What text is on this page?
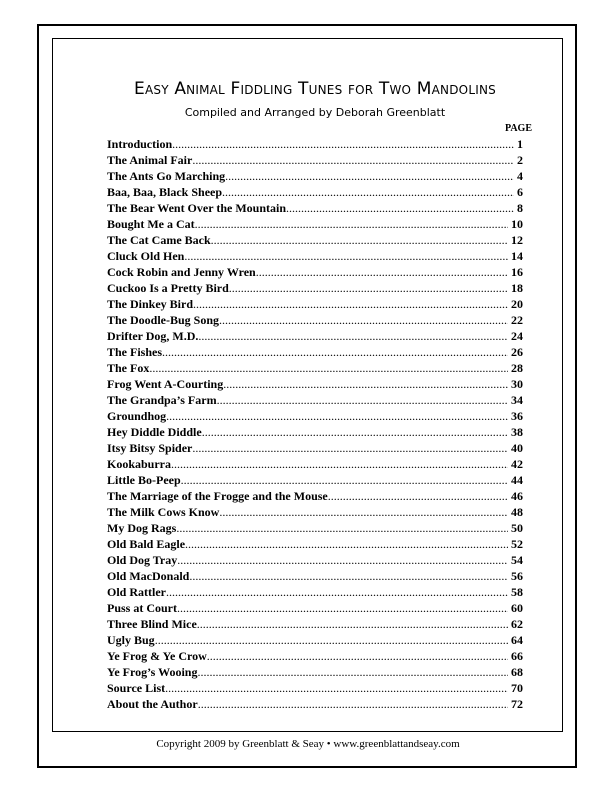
Easy Animal Fiddling Tunes for Two Mandolins
Compiled and Arranged by Deborah Greenblatt
PAGE
Introduction .....	1
The Animal Fair .....	2
The Ants Go Marching .....	4
Baa, Baa, Black Sheep .....	6
The Bear Went Over the Mountain .....	8
Bought Me a Cat .....	10
The Cat Came Back .....	12
Cluck Old Hen .....	14
Cock Robin and Jenny Wren .....	16
Cuckoo Is a Pretty Bird .....	18
The Dinkey Bird .....	20
The Doodle-Bug Song .....	22
Drifter Dog, M.D. .....	24
The Fishes .....	26
The Fox .....	28
Frog Went A-Courting .....	30
The Grandpa’s Farm .....	34
Groundhog .....	36
Hey Diddle Diddle .....	38
Itsy Bitsy Spider .....	40
Kookaburra .....	42
Little Bo-Peep .....	44
The Marriage of the Frogge and the Mouse .....	46
The Milk Cows Know .....	48
My Dog Rags .....	50
Old Bald Eagle .....	52
Old Dog Tray .....	54
Old MacDonald .....	56
Old Rattler .....	58
Puss at Court .....	60
Three Blind Mice .....	62
Ugly Bug .....	64
Ye Frog & Ye Crow .....	66
Ye Frog’s Wooing .....	68
Source List .....	70
About the Author .....	72
Copyright 2009 by Greenblatt & Seay • www.greenblattandseay.com
